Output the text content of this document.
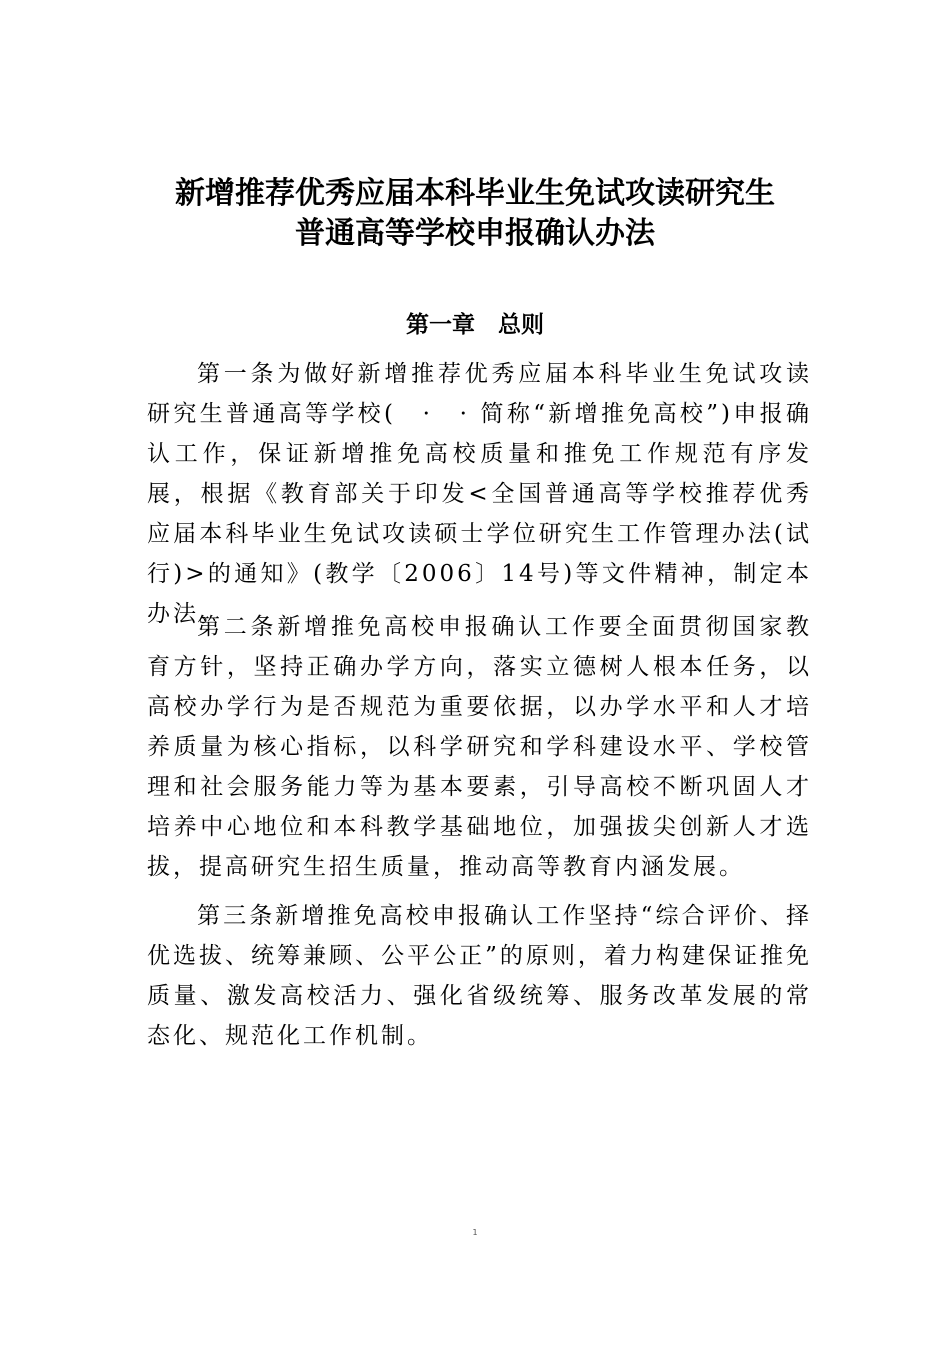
新增推荐优秀应届本科毕业生免试攻读研究生
普通高等学校申报确认办法
第一章　总则

第一条为做好新增推荐优秀应届本科毕业生免试攻读研究生普通高等学校(　·　· 简称“新增推免高校”)申报确认工作，保证新增推免高校质量和推免工作规范有序发展，根据《教育部关于印发<全国普通高等学校推荐优秀应届本科毕业生免试攻读硕士学位研究生工作管理办法(试行)>的通知》(教学〔2006〕14号)等文件精神，制定本办法。

第二条新增推免高校申报确认工作要全面贯彻国家教育方针，坚持正确办学方向，落实立德树人根本任务，以高校办学行为是否规范为重要依据，以办学水平和人才培养质量为核心指标，以科学研究和学科建设水平、学校管理和社会服务能力等为基本要素，引导高校不断巩固人才培养中心地位和本科教学基础地位，加强拔尖创新人才选拔，提高研究生招生质量，推动高等教育内涵发展。

第三条新增推免高校申报确认工作坚持“综合评价、择优选拔、统筹兼顾、公平公正”的原则，着力构建保证推免质量、激发高校活力、强化省级统筹、服务改革发展的常态化、规范化工作机制。

1
